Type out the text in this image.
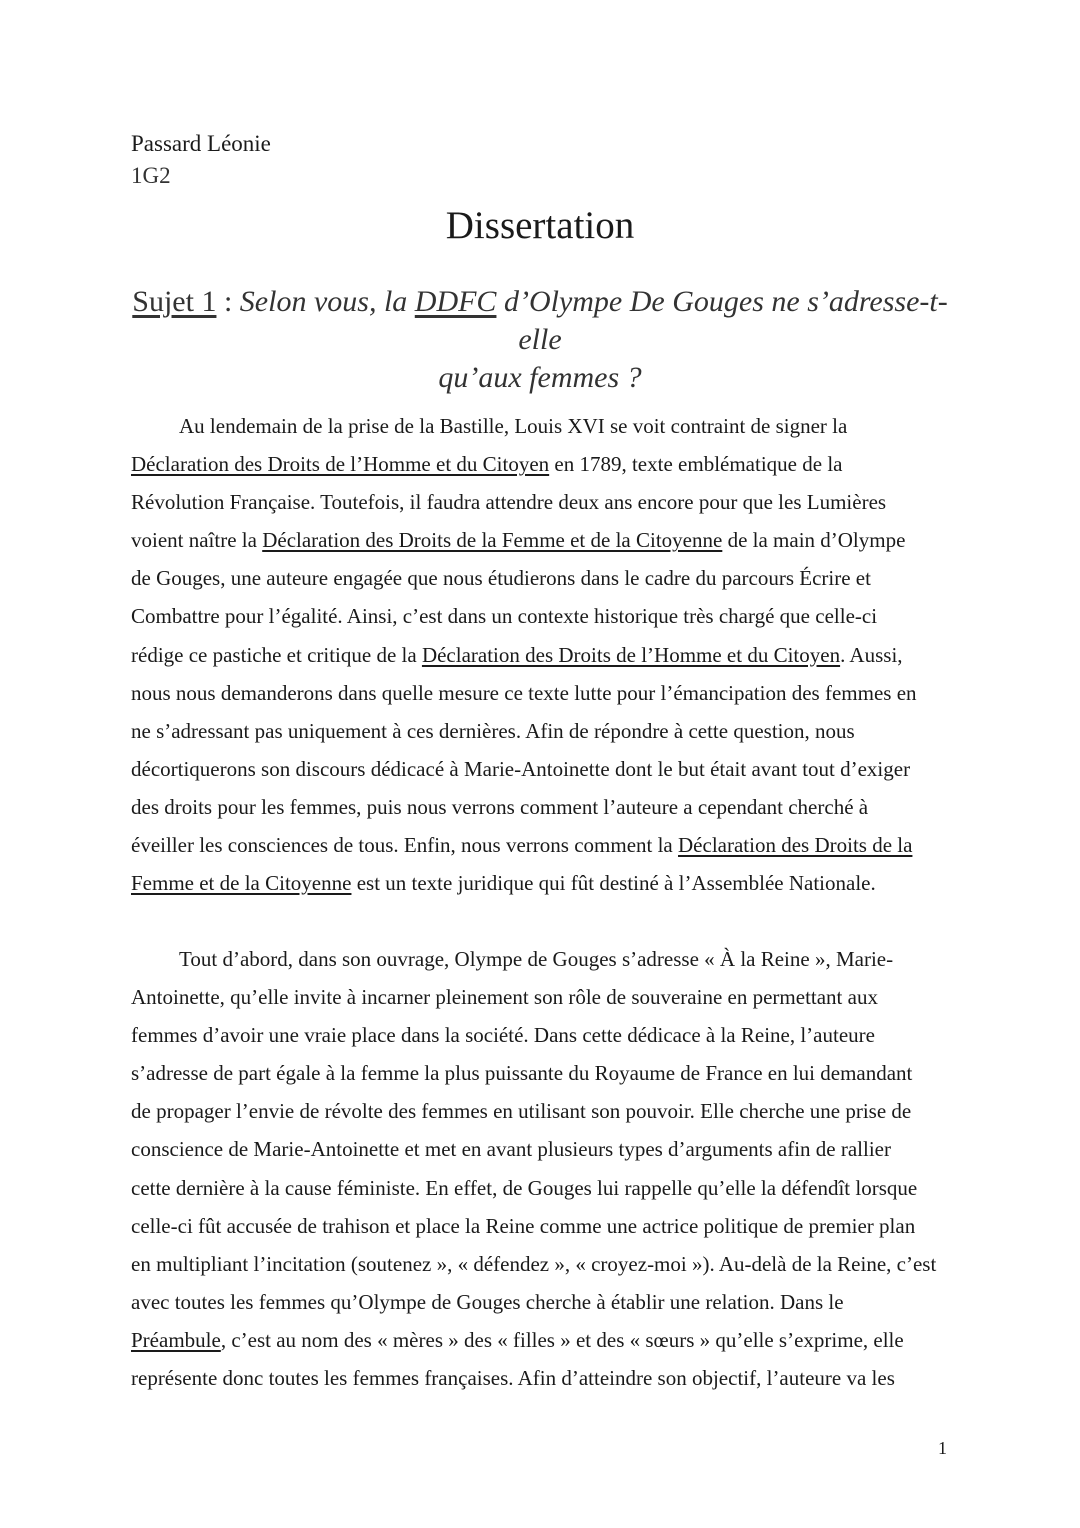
Passard Léonie
1G2
Dissertation
Sujet 1 : Selon vous, la DDFC d’Olympe De Gouges ne s’adresse-t-elle
qu’aux femmes ?
Au lendemain de la prise de la Bastille, Louis XVI se voit contraint de signer la
Déclaration des Droits de l’Homme et du Citoyen en 1789, texte emblématique de la
Révolution Française. Toutefois, il faudra attendre deux ans encore pour que les Lumières
voient naître la Déclaration des Droits de la Femme et de la Citoyenne de la main d’Olympe
de Gouges, une auteure engagée que nous étudierons dans le cadre du parcours Écrire et
Combattre pour l’égalité. Ainsi, c’est dans un contexte historique très chargé que celle-ci
rédige ce pastiche et critique de la Déclaration des Droits de l’Homme et du Citoyen. Aussi,
nous nous demanderons dans quelle mesure ce texte lutte pour l’émancipation des femmes en
ne s’adressant pas uniquement à ces dernières. Afin de répondre à cette question, nous
décortiquerons son discours dédicacé à Marie-Antoinette dont le but était avant tout d’exiger
des droits pour les femmes, puis nous verrons comment l’auteure a cependant cherché à
éveiller les consciences de tous. Enfin, nous verrons comment la Déclaration des Droits de la
Femme et de la Citoyenne est un texte juridique qui fût destiné à l’Assemblée Nationale.
Tout d’abord, dans son ouvrage, Olympe de Gouges s’adresse « À la Reine », Marie-
Antoinette, qu’elle invite à incarner pleinement son rôle de souveraine en permettant aux
femmes d’avoir une vraie place dans la société. Dans cette dédicace à la Reine, l’auteure
s’adresse de part égale à la femme la plus puissante du Royaume de France en lui demandant
de propager l’envie de révolte des femmes en utilisant son pouvoir. Elle cherche une prise de
conscience de Marie-Antoinette et met en avant plusieurs types d’arguments afin de rallier
cette dernière à la cause féministe. En effet, de Gouges lui rappelle qu’elle la défendît lorsque
celle-ci fût accusée de trahison et place la Reine comme une actrice politique de premier plan
en multipliant l’incitation (soutenez », « défendez », « croyez-moi »). Au-delà de la Reine, c’est
avec toutes les femmes qu’Olympe de Gouges cherche à établir une relation. Dans le
Préambule, c’est au nom des « mères » des « filles » et des « sœurs » qu’elle s’exprime, elle
représente donc toutes les femmes françaises. Afin d’atteindre son objectif, l’auteure va les
1
